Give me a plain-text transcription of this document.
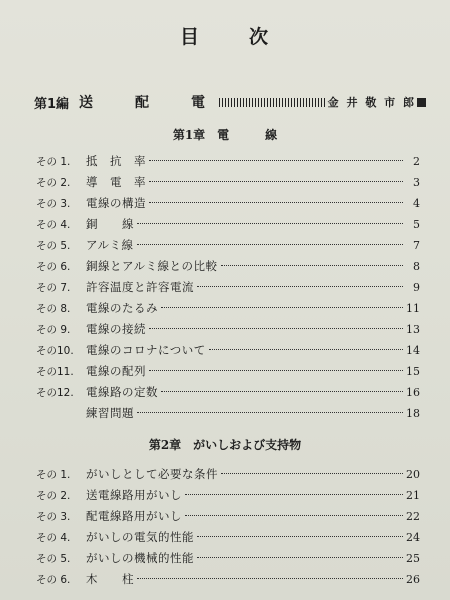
目	次
第1編 送　配　電	金 井 敬 市 郎
第1章 電　　　線
その 1.	抵　抗　率	2
その 2.	導　電　率	3
その 3.	電線の構造	4
その 4.	銅　　線	5
その 5.	アルミ線	7
その 6.	銅線とアルミ線との比較	8
その 7.	許容温度と許容電流	9
その 8.	電線のたるみ	11
その 9.	電線の接続	13
その10.	電線のコロナについて	14
その11.	電線の配列	15
その12.	電線路の定数	16
練習問題	18
第2章 がいしおよび支持物
その 1.	がいしとして必要な条件	20
その 2.	送電線路用がいし	21
その 3.	配電線路用がいし	22
その 4.	がいしの電気的性能	24
その 5.	がいしの機械的性能	25
その 6.	木　　柱	26
